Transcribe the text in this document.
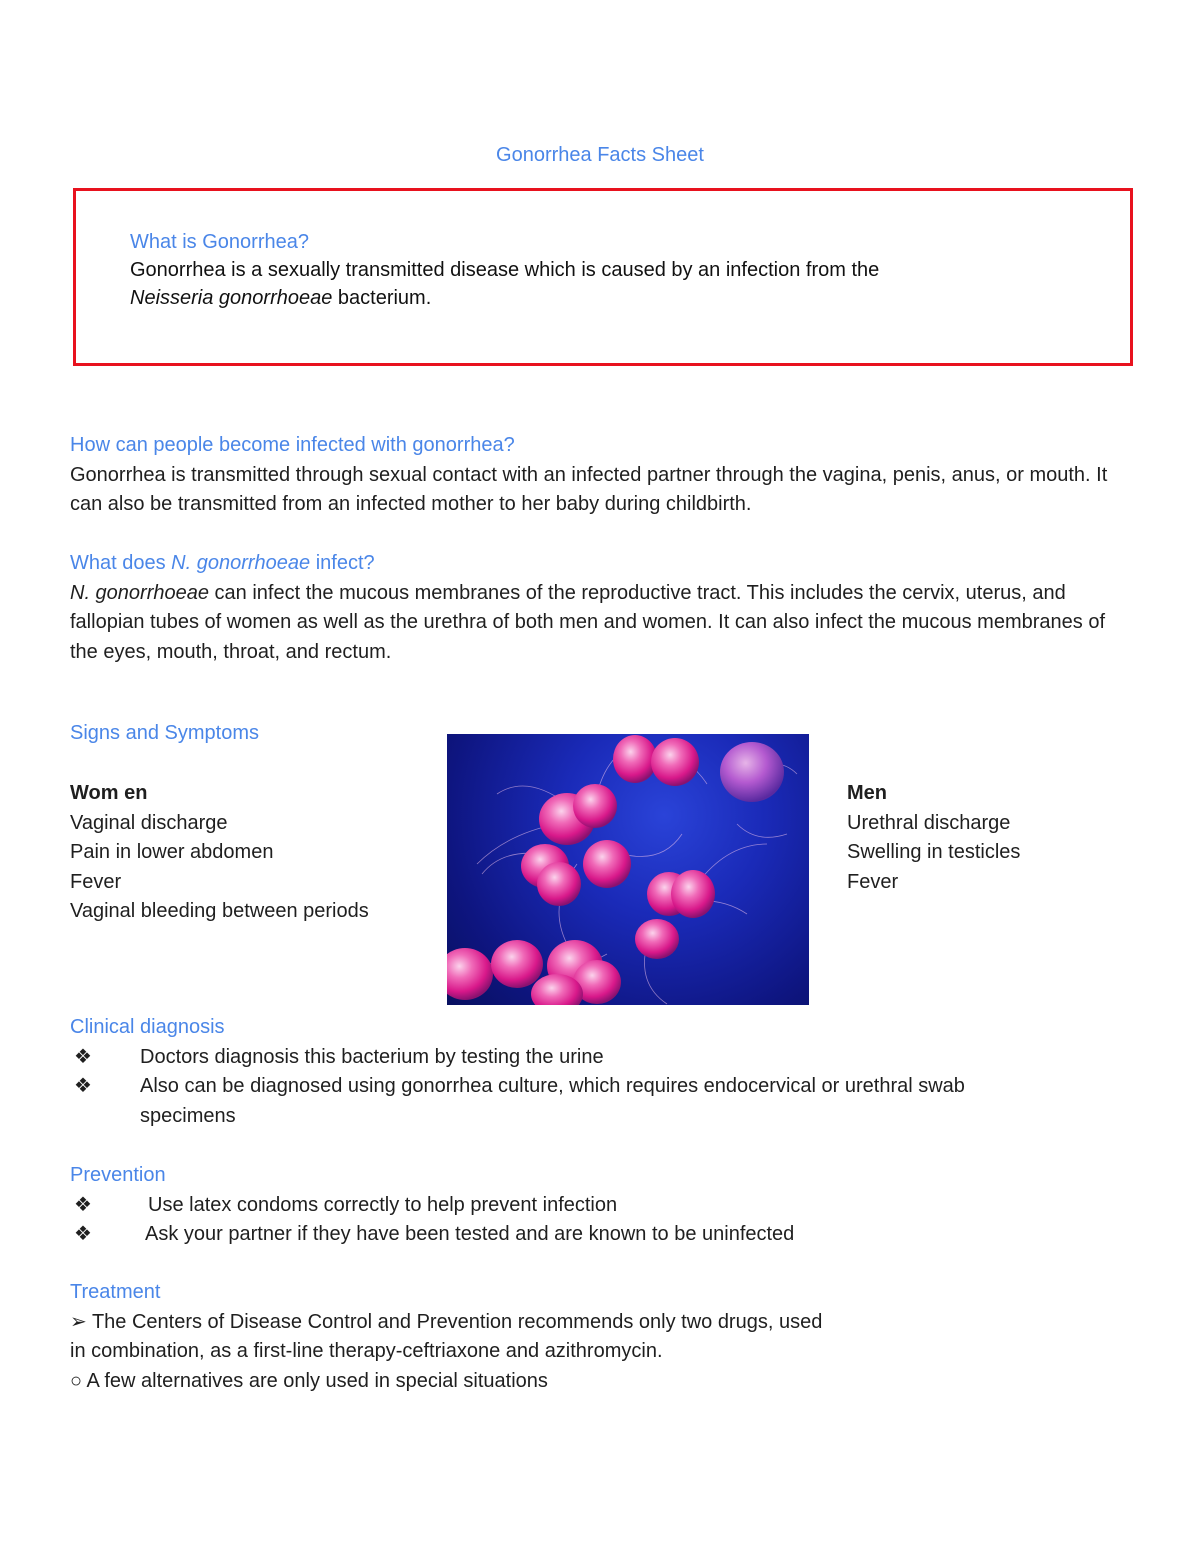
Gonorrhea Facts Sheet
What is Gonorrhea?
Gonorrhea is a sexually transmitted disease which is caused by an infection from the
Neisseria gonorrhoeae bacterium.
How can people become infected with gonorrhea?
Gonorrhea is transmitted through sexual contact with an infected partner through the vagina, penis, anus, or mouth. It can also be transmitted from an infected mother to her baby during childbirth.
What does N. gonorrhoeae infect?
N. gonorrhoeae can infect the mucous membranes of the reproductive tract. This includes the cervix, uterus, and fallopian tubes of women as well as the urethra of both men and women. It can also infect the mucous membranes of the eyes, mouth, throat, and rectum.
Signs and Symptoms
Wom en
Vaginal discharge
Pain in lower abdomen
Fever
Vaginal bleeding between periods
Men
Urethral discharge
Swelling in testicles
Fever
Clinical diagnosis
❖ Doctors diagnosis this bacterium by testing the urine
❖ Also can be diagnosed using gonorrhea culture, which requires endocervical or urethral swab specimens
Prevention
❖	Use latex condoms correctly to help prevent infection
❖	Ask your partner if they have been tested and are known to be uninfected
Treatment
➢ The Centers of Disease Control and Prevention recommends only two drugs, used
in combination, as a first-line therapy-ceftriaxone and azithromycin.
○ A few alternatives are only used in special situations
